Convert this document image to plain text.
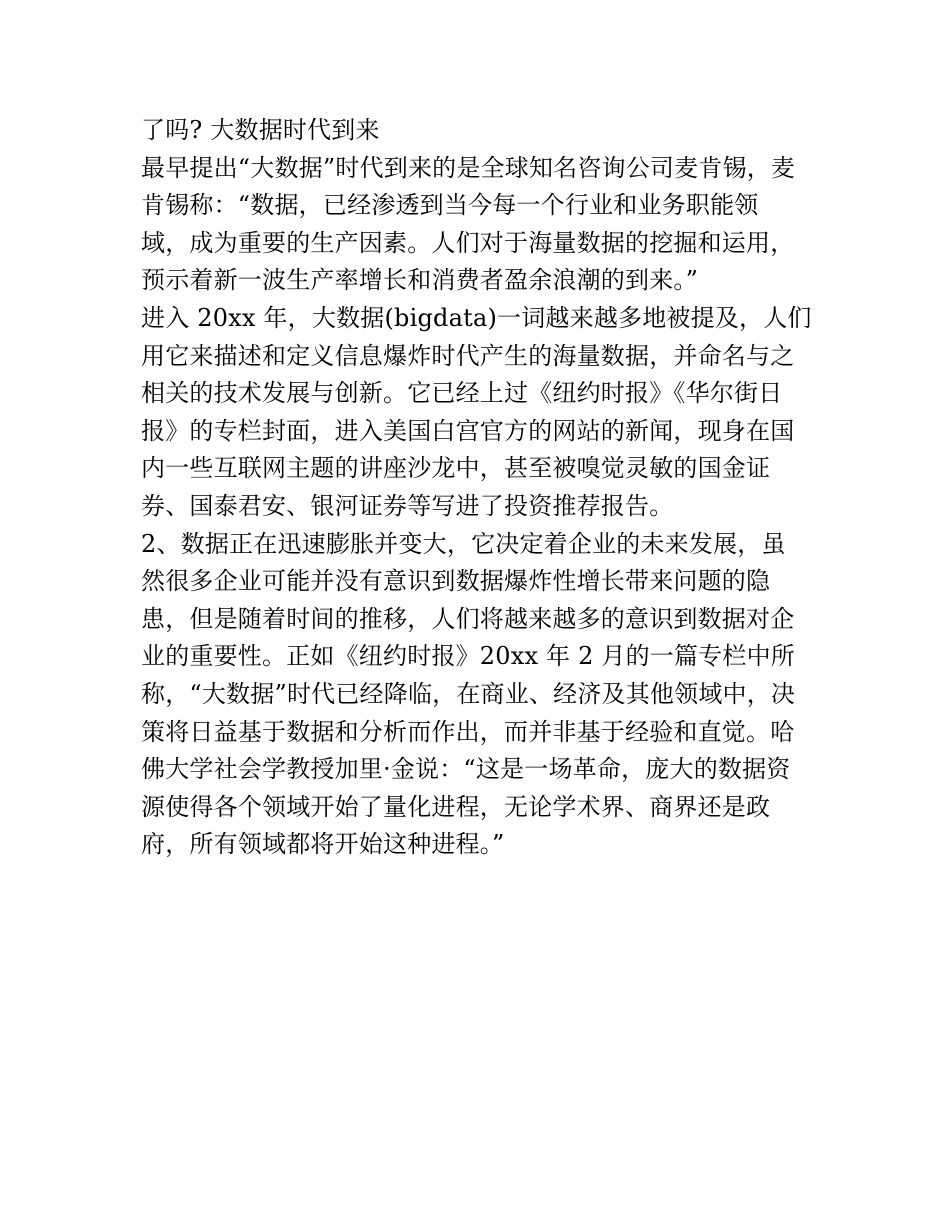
了吗? 大数据时代到来
最早提出“大数据”时代到来的是全球知名咨询公司麦肯锡，麦
肯锡称：“数据，已经渗透到当今每一个行业和业务职能领
域，成为重要的生产因素。人们对于海量数据的挖掘和运用，
预示着新一波生产率增长和消费者盈余浪潮的到来。”
进入 20xx 年，大数据(bigdata)一词越来越多地被提及，人们
用它来描述和定义信息爆炸时代产生的海量数据，并命名与之
相关的技术发展与创新。它已经上过《纽约时报》《华尔街日
报》的专栏封面，进入美国白宫官方的网站的新闻，现身在国
内一些互联网主题的讲座沙龙中，甚至被嗅觉灵敏的国金证
券、国泰君安、银河证券等写进了投资推荐报告。
2、数据正在迅速膨胀并变大，它决定着企业的未来发展，虽
然很多企业可能并没有意识到数据爆炸性增长带来问题的隐
患，但是随着时间的推移，人们将越来越多的意识到数据对企
业的重要性。正如《纽约时报》20xx 年 2 月的一篇专栏中所
称，“大数据”时代已经降临，在商业、经济及其他领域中，决
策将日益基于数据和分析而作出，而并非基于经验和直觉。哈
佛大学社会学教授加里·金说：“这是一场革命，庞大的数据资
源使得各个领域开始了量化进程，无论学术界、商界还是政
府，所有领域都将开始这种进程。”
